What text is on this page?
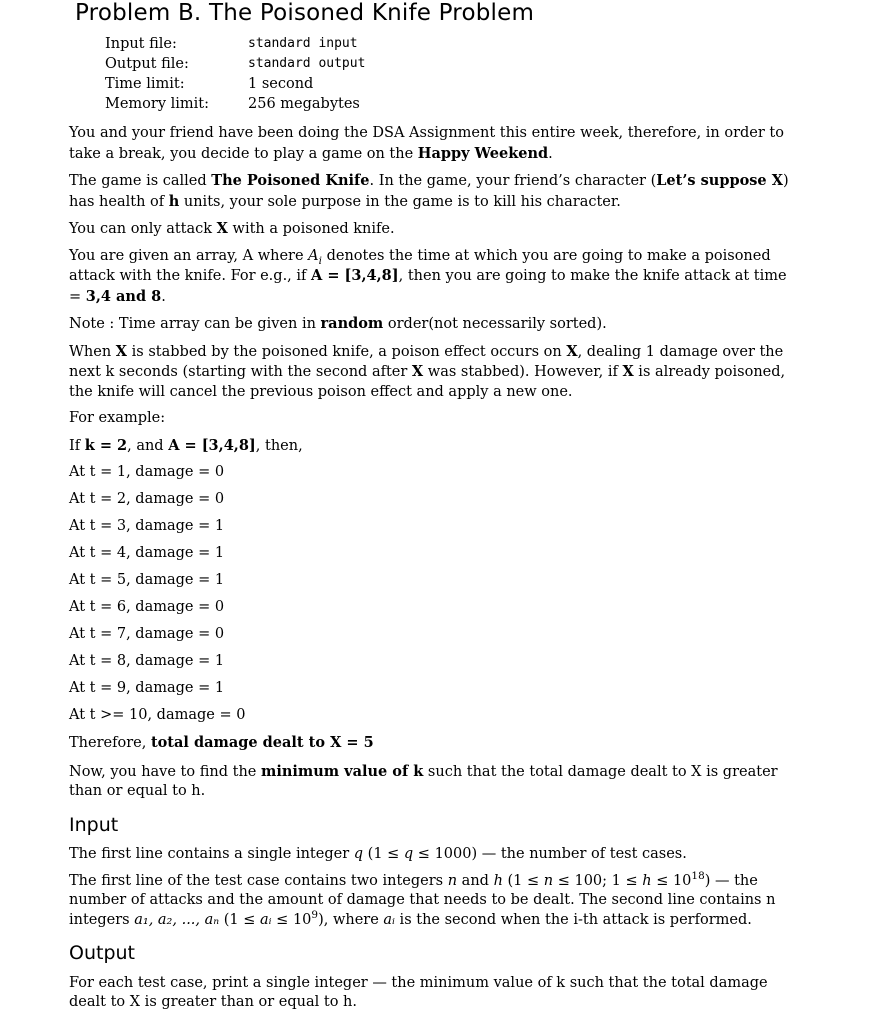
Problem B. The Poisoned Knife Problem
Input file:	standard input
Output file:	standard output
Time limit:	1 second
Memory limit:	256 megabytes

You and your friend have been doing the DSA Assignment this entire week, therefore, in order to take a break, you decide to play a game on the Happy Weekend.

The game is called The Poisoned Knife. In the game, your friend’s character (Let’s suppose X) has health of h units, your sole purpose in the game is to kill his character.

You can only attack X with a poisoned knife.

You are given an array, A where $A_i$ denotes the time at which you are going to make a poisoned attack with the knife. For e.g., if A = [3,4,8], then you are going to make the knife attack at time = 3,4 and 8.

Note : Time array can be given in random order(not necessarily sorted).

When X is stabbed by the poisoned knife, a poison effect occurs on X, dealing 1 damage over the next k seconds (starting with the second after X was stabbed). However, if X is already poisoned, the knife will cancel the previous poison effect and apply a new one.

For example:

If k = 2, and A = [3,4,8], then,

At t = 1, damage = 0

At t = 2, damage = 0

At t = 3, damage = 1

At t = 4, damage = 1

At t = 5, damage = 1

At t = 6, damage = 0

At t = 7, damage = 0

At t = 8, damage = 1

At t = 9, damage = 1

At t >= 10, damage = 0

Therefore, total damage dealt to X = 5

Now, you have to find the minimum value of k such that the total damage dealt to X is greater than or equal to h.

Input

The first line contains a single integer q (1 ≤ q ≤ 1000) — the number of test cases.

The first line of the test case contains two integers n and h (1 ≤ n ≤ 100; $1 \le h \le 10^{18}$) — the number of attacks and the amount of damage that needs to be dealt. The second line contains n integers a₁, a₂, ..., aₙ (1 ≤ aᵢ ≤ $10^9$), where aᵢ is the second when the i-th attack is performed.

Output

For each test case, print a single integer — the minimum value of k such that the total damage dealt to X is greater than or equal to h.
